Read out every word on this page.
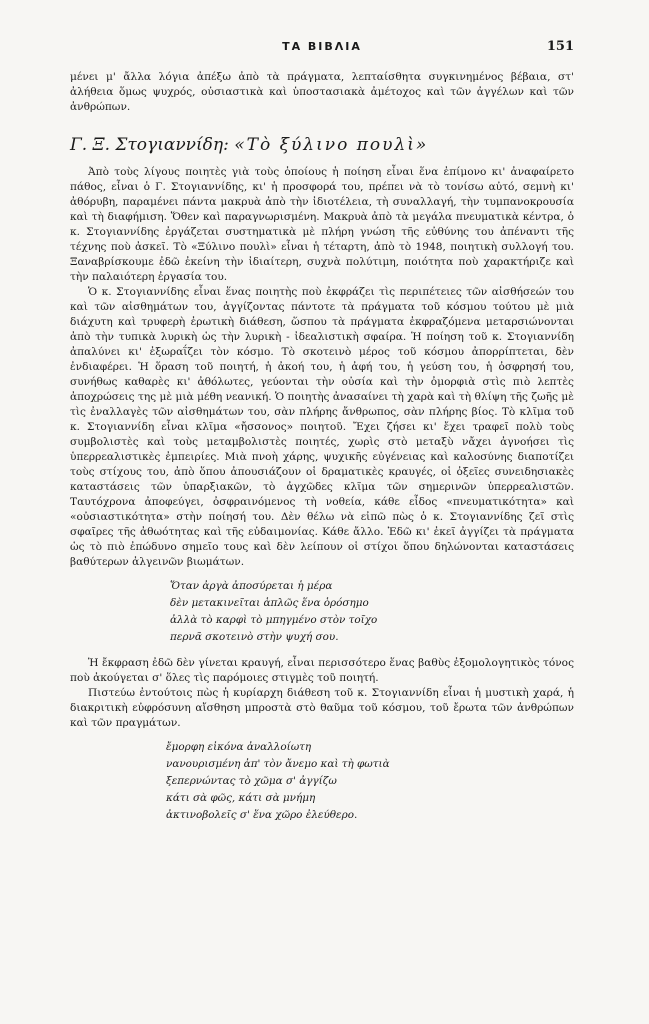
ΤΑ ΒΙΒΛΙΑ	151

μένει μ' ἄλλα λόγια ἀπέξω ἀπὸ τὰ πράγματα, λεπταίσθητα συγκινημένος βέβαια, στ' ἀλήθεια ὅμως ψυχρός, οὐσιαστικὰ καὶ ὑποστασιακὰ ἀμέτοχος καὶ τῶν ἀγγέλων καὶ τῶν ἀνθρώπων.

Γ. Ξ. Στογιαννίδη: «Τὸ ξύλινο πουλὶ»

Ἀπὸ τοὺς λίγους ποιητὲς γιὰ τοὺς ὁποίους ἡ ποίηση εἶναι ἕνα ἐπίμονο κι' ἀναφαίρετο πάθος, εἶναι ὁ Γ. Στογιαννίδης, κι' ἡ προσφορά του, πρέπει νὰ τὸ τονίσω αὐτό, σεμνὴ κι' ἀθόρυβη, παραμένει πάντα μακρυὰ ἀπὸ τὴν ἰδιοτέλεια, τὴ συναλλαγή, τὴν τυμπανοκρουσία καὶ τὴ διαφήμιση. Ὅθεν καὶ παραγνωρισμένη. Μακρυὰ ἀπὸ τὰ μεγάλα πνευματικὰ κέντρα, ὁ κ. Στογιαννίδης ἐργάζεται συστηματικὰ μὲ πλήρη γνώση τῆς εὐθύνης του ἀπέναντι τῆς τέχνης ποὺ ἀσκεῖ. Τὸ «Ξύλινο πουλὶ» εἶναι ἡ τέταρτη, ἀπὸ τὸ 1948, ποιητικὴ συλλογή του. Ξαναβρίσκουμε ἐδῶ ἐκείνη τὴν ἰδιαίτερη, συχνὰ πολύτιμη, ποιότητα ποὺ χαρακτήριζε καὶ τὴν παλαιότερη ἐργασία του.

Ὁ κ. Στογιαννίδης εἶναι ἕνας ποιητὴς ποὺ ἐκφράζει τὶς περιπέτειες τῶν αἰσθήσεών του καὶ τῶν αἰσθημάτων του, ἀγγίζοντας πάντοτε τὰ πράγματα τοῦ κόσμου τούτου μὲ μιὰ διάχυτη καὶ τρυφερὴ ἐρωτικὴ διάθεση, ὥσπου τὰ πράγματα ἐκφραζόμενα μεταρσιώνονται ἀπὸ τὴν τυπικὰ λυρικὴ ὡς τὴν λυρικὴ - ἰδεαλιστικὴ σφαίρα. Ἡ ποίηση τοῦ κ. Στογιαννίδη ἀπαλύνει κι' ἐξωραΐζει τὸν κόσμο. Τὸ σκοτεινὸ μέρος τοῦ κόσμου ἀπορρίπτεται, δὲν ἐνδιαφέρει. Ἡ ὅραση τοῦ ποιητή, ἡ ἀκοή του, ἡ ἀφή του, ἡ γεύση του, ἡ ὀσφρησή του, συνήθως καθαρὲς κι' ἀθόλωτες, γεύονται τὴν οὐσία καὶ τὴν ὀμορφιὰ στὶς πιὸ λεπτὲς ἀποχρώσεις της μὲ μιὰ μέθη νεανική. Ὁ ποιητὴς ἀνασαίνει τὴ χαρὰ καὶ τὴ θλίψη τῆς ζωῆς μὲ τὶς ἐναλλαγὲς τῶν αἰσθημάτων του, σὰν πλήρης ἄνθρωπος, σὰν πλήρης βίος. Τὸ κλῖμα τοῦ κ. Στογιαννίδη εἶναι κλῖμα «ἤσσονος» ποιητοῦ. Ἔχει ζήσει κι' ἔχει τραφεῖ πολὺ τοὺς συμβολιστὲς καὶ τοὺς μεταμβολιστὲς ποιητές, χωρὶς στὸ μεταξὺ νἄχει ἀγνοήσει τὶς ὑπερρεαλιστικὲς ἐμπειρίες. Μιὰ πνοὴ χάρης, ψυχικῆς εὐγένειας καὶ καλοσύνης διαποτίζει τοὺς στίχους του, ἀπὸ ὅπου ἀπουσιάζουν οἱ δραματικὲς κραυγές, οἱ ὀξεῖες συνειδησιακὲς καταστάσεις τῶν ὑπαρξιακῶν, τὸ ἀγχῶδες κλῖμα τῶν σημερινῶν ὑπερρεαλιστῶν. Ταυτόχρονα ἀποφεύγει, ὀσφραινόμενος τὴ νοθεία, κάθε εἶδος «πνευματικότητα» καὶ «οὐσιαστικότητα» στὴν ποίησή του. Δὲν θέλω νὰ εἰπῶ πὼς ὁ κ. Στογιαννίδης ζεῖ στὶς σφαῖρες τῆς ἀθωότητας καὶ τῆς εὐδαιμονίας. Κάθε ἄλλο. Ἐδῶ κι' ἐκεῖ ἀγγίζει τὰ πράγματα ὡς τὸ πιὸ ἐπώδυνο σημεῖο τους καὶ δὲν λείπουν οἱ στίχοι ὅπου δηλώνονται καταστάσεις βαθύτερων ἀλγεινῶν βιωμάτων.

Ὅταν ἀργὰ ἀποσύρεται ἡ μέρα
δὲν μετακινεῖται ἁπλῶς ἕνα ὁρόσημο
ἀλλὰ τὸ καρφὶ τὸ μπηγμένο στὸν τοῖχο
περνᾶ σκοτεινὸ στὴν ψυχή σου.

Ἡ ἔκφραση ἐδῶ δὲν γίνεται κραυγή, εἶναι περισσότερο ἕνας βαθὺς ἐξομολογητικὸς τόνος ποὺ ἀκούγεται σ' ὅλες τὶς παρόμοιες στιγμὲς τοῦ ποιητή.

Πιστεύω ἐντούτοις πὼς ἡ κυρίαρχη διάθεση τοῦ κ. Στογιαννίδη εἶναι ἡ μυστικὴ χαρά, ἡ διακριτικὴ εὐφρόσυνη αἴσθηση μπροστὰ στὸ θαῦμα τοῦ κόσμου, τοῦ ἔρωτα τῶν ἀνθρώπων καὶ τῶν πραγμάτων.

ἔμορφη εἰκόνα ἀναλλοίωτη
νανουρισμένη ἀπ' τὸν ἄνεμο καὶ τὴ φωτιὰ
ξεπερνώντας τὸ χῶμα σ' ἀγγίζω
κάτι σὰ φῶς, κάτι σὰ μνήμη
ἀκτινοβολεῖς σ' ἕνα χῶρο ἐλεύθερο.
